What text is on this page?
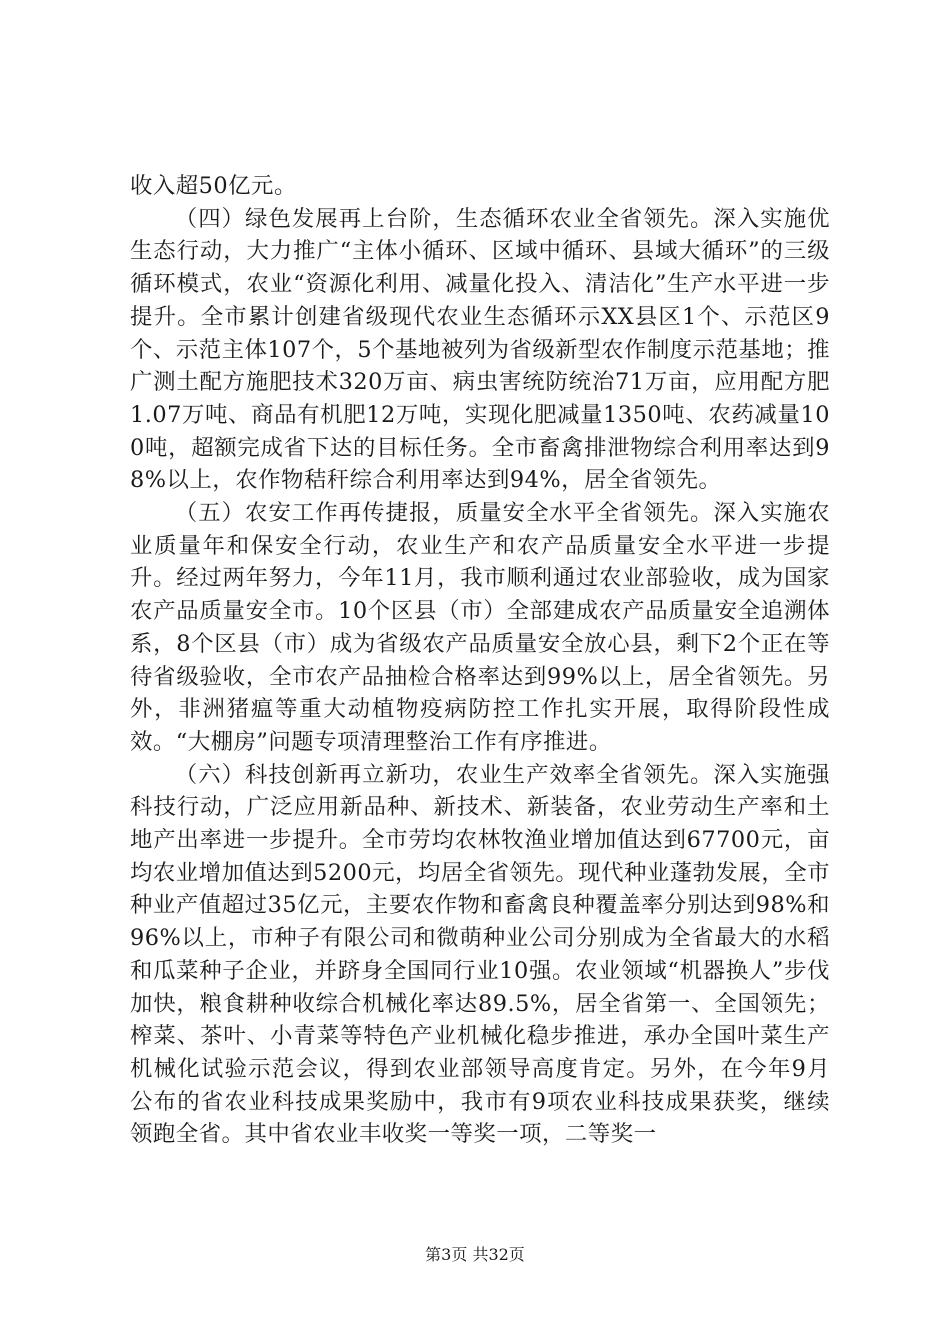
收入超50亿元。

（四）绿色发展再上台阶，生态循环农业全省领先。深入实施优生态行动，大力推广“主体小循环、区域中循环、县域大循环”的三级循环模式，农业“资源化利用、减量化投入、清洁化”生产水平进一步提升。全市累计创建省级现代农业生态循环示XX县区1个、示范区9个、示范主体107个，5个基地被列为省级新型农作制度示范基地；推广测土配方施肥技术320万亩、病虫害统防统治71万亩，应用配方肥1.07万吨、商品有机肥12万吨，实现化肥减量1350吨、农药减量100吨，超额完成省下达的目标任务。全市畜禽排泄物综合利用率达到98%以上，农作物秸秆综合利用率达到94%，居全省领先。

（五）农安工作再传捷报，质量安全水平全省领先。深入实施农业质量年和保安全行动，农业生产和农产品质量安全水平进一步提升。经过两年努力，今年11月，我市顺利通过农业部验收，成为国家农产品质量安全市。10个区县（市）全部建成农产品质量安全追溯体系，8个区县（市）成为省级农产品质量安全放心县，剩下2个正在等待省级验收，全市农产品抽检合格率达到99%以上，居全省领先。另外，非洲猪瘟等重大动植物疫病防控工作扎实开展，取得阶段性成效。“大棚房”问题专项清理整治工作有序推进。

（六）科技创新再立新功，农业生产效率全省领先。深入实施强科技行动，广泛应用新品种、新技术、新装备，农业劳动生产率和土地产出率进一步提升。全市劳均农林牧渔业增加值达到67700元，亩均农业增加值达到5200元，均居全省领先。现代种业蓬勃发展，全市种业产值超过35亿元，主要农作物和畜禽良种覆盖率分别达到98%和96%以上，市种子有限公司和微萌种业公司分别成为全省最大的水稻和瓜菜种子企业，并跻身全国同行业10强。农业领域“机器换人”步伐加快，粮食耕种收综合机械化率达89.5%，居全省第一、全国领先；榨菜、茶叶、小青菜等特色产业机械化稳步推进，承办全国叶菜生产机械化试验示范会议，得到农业部领导高度肯定。另外，在今年9月公布的省农业科技成果奖励中，我市有9项农业科技成果获奖，继续领跑全省。其中省农业丰收奖一等奖一项，二等奖一

第3页 共32页
